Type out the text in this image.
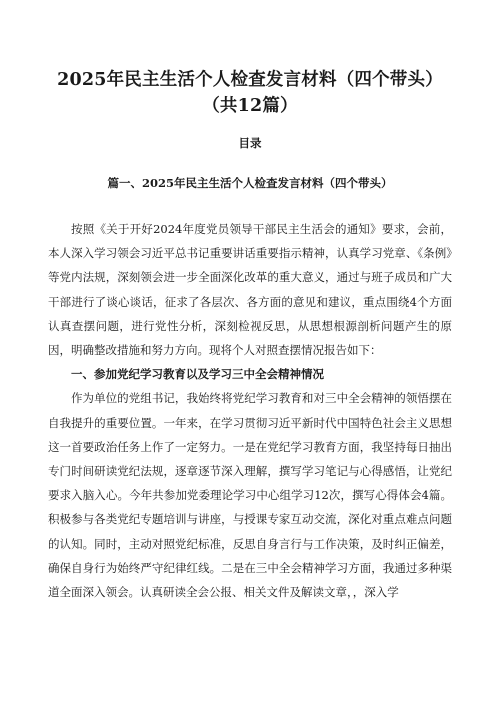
2025年民主生活个人检查发言材料（四个带头）
（共12篇）
目录
篇一、2025年民主生活个人检查发言材料（四个带头）

按照《关于开好2024年度党员领导干部民主生活会的通知》要求，会前，本人深入学习领会习近平总书记重要讲话重要指示精神，认真学习党章、《条例》等党内法规，深刻领会进一步全面深化改革的重大意义，通过与班子成员和广大干部进行了谈心谈话，征求了各层次、各方面的意见和建议，重点围绕4个方面认真查摆问题，进行党性分析，深刻检视反思，从思想根源剖析问题产生的原因，明确整改措施和努力方向。现将个人对照查摆情况报告如下：

一、参加党纪学习教育以及学习三中全会精神情况

作为单位的党组书记，我始终将党纪学习教育和对三中全会精神的领悟摆在自我提升的重要位置。一年来，在学习贯彻习近平新时代中国特色社会主义思想这一首要政治任务上作了一定努力。一是在党纪学习教育方面，我坚持每日抽出专门时间研读党纪法规，逐章逐节深入理解，撰写学习笔记与心得感悟，让党纪要求入脑入心。今年共参加党委理论学习中心组学习12次，撰写心得体会4篇。积极参与各类党纪专题培训与讲座，与授课专家互动交流，深化对重点难点问题的认知。同时，主动对照党纪标准，反思自身言行与工作决策，及时纠正偏差，确保自身行为始终严守纪律红线。二是在三中全会精神学习方面，我通过多种渠道全面深入领会。认真研读全会公报、相关文件及解读文章，，深入学
